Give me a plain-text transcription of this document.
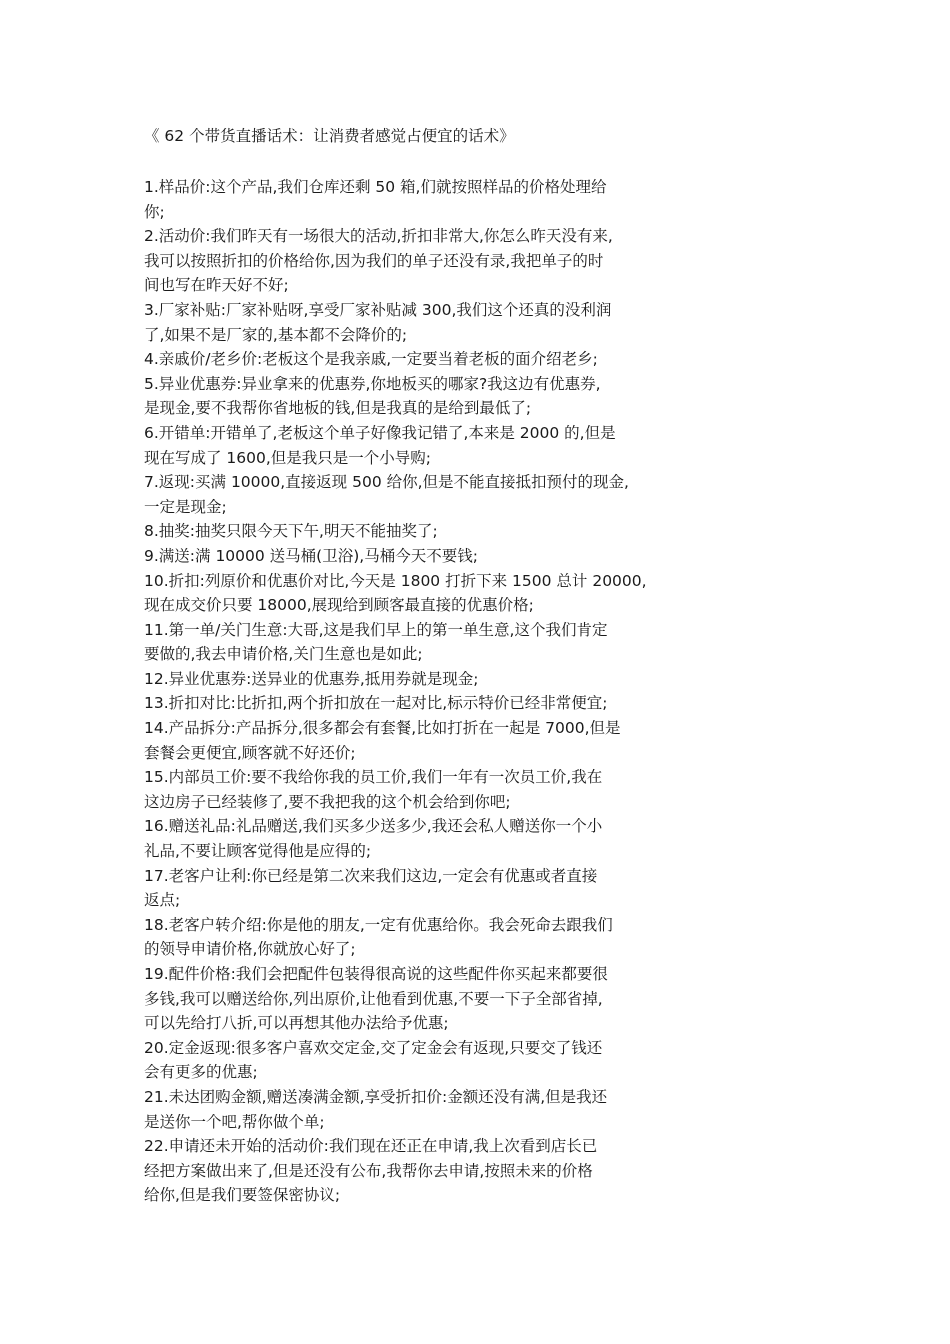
《 62 个带货直播话术：让消费者感觉占便宜的话术》
1.样品价:这个产品,我们仓库还剩 50 箱,们就按照样品的价格处理给
你;
2.活动价:我们昨天有一场很大的活动,折扣非常大,你怎么昨天没有来,
我可以按照折扣的价格给你,因为我们的单子还没有录,我把单子的时
间也写在昨天好不好;
3.厂家补贴:厂家补贴呀,享受厂家补贴减 300,我们这个还真的没利润
了,如果不是厂家的,基本都不会降价的;
4.亲戚价/老乡价:老板这个是我亲戚,一定要当着老板的面介绍老乡;
5.异业优惠券:异业拿来的优惠券,你地板买的哪家?我这边有优惠券,
是现金,要不我帮你省地板的钱,但是我真的是给到最低了;
6.开错单:开错单了,老板这个单子好像我记错了,本来是 2000 的,但是
现在写成了 1600,但是我只是一个小导购;
7.返现:买满 10000,直接返现 500 给你,但是不能直接抵扣预付的现金,
一定是现金;
8.抽奖:抽奖只限今天下午,明天不能抽奖了;
9.满送:满 10000 送马桶(卫浴),马桶今天不要钱;
10.折扣:列原价和优惠价对比,今天是 1800 打折下来 1500 总计 20000,
现在成交价只要 18000,展现给到顾客最直接的优惠价格;
11.第一单/关门生意:大哥,这是我们早上的第一单生意,这个我们肯定
要做的,我去申请价格,关门生意也是如此;
12.异业优惠券:送异业的优惠券,抵用券就是现金;
13.折扣对比:比折扣,两个折扣放在一起对比,标示特价已经非常便宜;
14.产品拆分:产品拆分,很多都会有套餐,比如打折在一起是 7000,但是
套餐会更便宜,顾客就不好还价;
15.内部员工价:要不我给你我的员工价,我们一年有一次员工价,我在
这边房子已经装修了,要不我把我的这个机会给到你吧;
16.赠送礼品:礼品赠送,我们买多少送多少,我还会私人赠送你一个小
礼品,不要让顾客觉得他是应得的;
17.老客户让利:你已经是第二次来我们这边,一定会有优惠或者直接
返点;
18.老客户转介绍:你是他的朋友,一定有优惠给你。我会死命去跟我们
的领导申请价格,你就放心好了;
19.配件价格:我们会把配件包装得很高说的这些配件你买起来都要很
多钱,我可以赠送给你,列出原价,让他看到优惠,不要一下子全部省掉,
可以先给打八折,可以再想其他办法给予优惠;
20.定金返现:很多客户喜欢交定金,交了定金会有返现,只要交了钱还
会有更多的优惠;
21.未达团购金额,赠送凑满金额,享受折扣价:金额还没有满,但是我还
是送你一个吧,帮你做个单;
22.申请还未开始的活动价:我们现在还正在申请,我上次看到店长已
经把方案做出来了,但是还没有公布,我帮你去申请,按照未来的价格
给你,但是我们要签保密协议;
